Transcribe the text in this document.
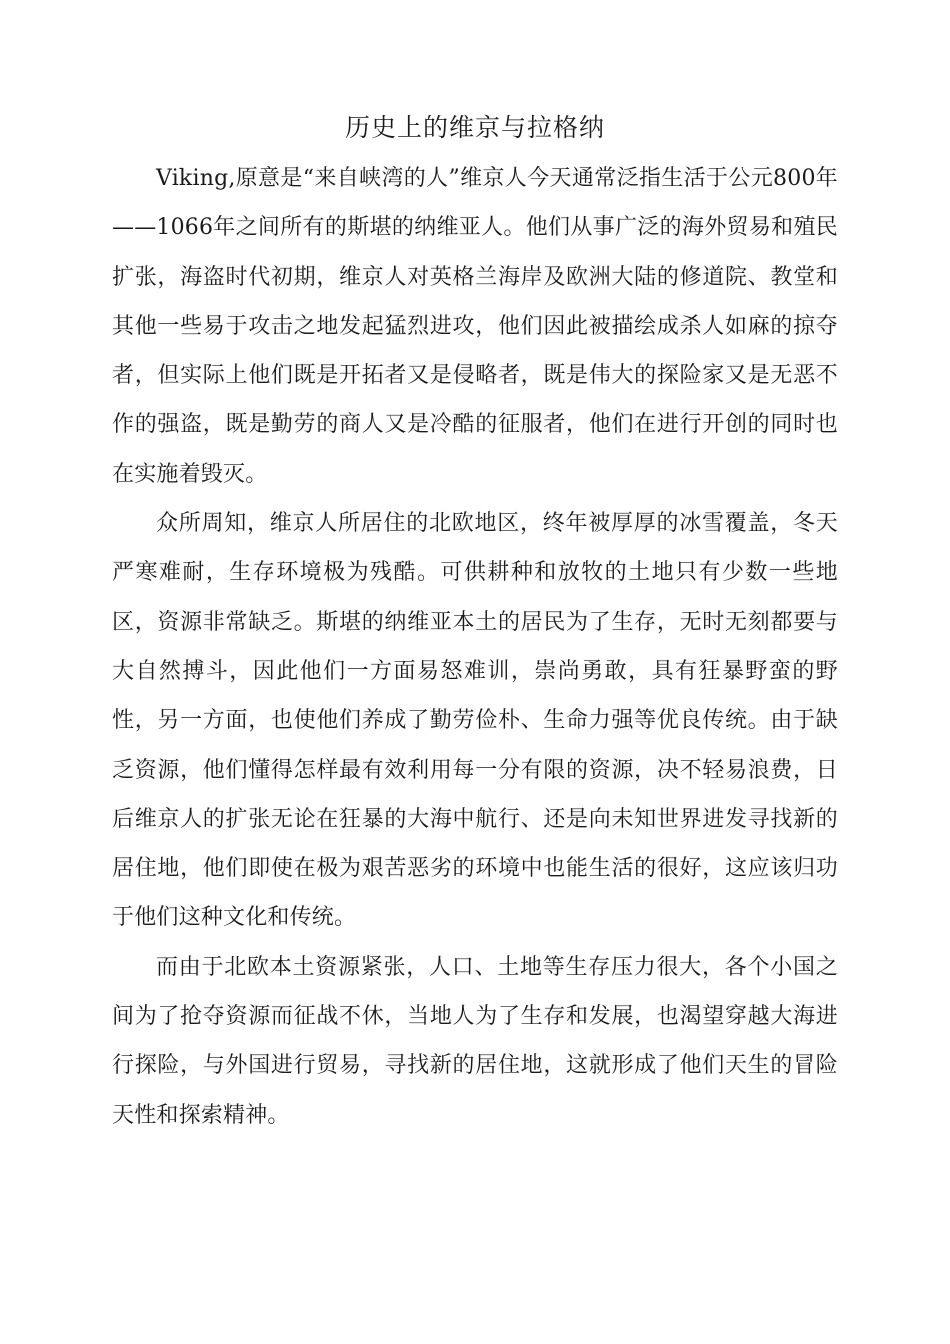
历史上的维京与拉格纳

Viking,原意是“来自峡湾的人”维京人今天通常泛指生活于公元800年——1066年之间所有的斯堪的纳维亚人。他们从事广泛的海外贸易和殖民扩张，海盗时代初期，维京人对英格兰海岸及欧洲大陆的修道院、教堂和其他一些易于攻击之地发起猛烈进攻，他们因此被描绘成杀人如麻的掠夺者，但实际上他们既是开拓者又是侵略者，既是伟大的探险家又是无恶不作的强盗，既是勤劳的商人又是冷酷的征服者，他们在进行开创的同时也在实施着毁灭。

众所周知，维京人所居住的北欧地区，终年被厚厚的冰雪覆盖，冬天严寒难耐，生存环境极为残酷。可供耕种和放牧的土地只有少数一些地区，资源非常缺乏。斯堪的纳维亚本土的居民为了生存，无时无刻都要与大自然搏斗，因此他们一方面易怒难训，崇尚勇敢，具有狂暴野蛮的野性，另一方面，也使他们养成了勤劳俭朴、生命力强等优良传统。由于缺乏资源，他们懂得怎样最有效利用每一分有限的资源，决不轻易浪费，日后维京人的扩张无论在狂暴的大海中航行、还是向未知世界进发寻找新的居住地，他们即使在极为艰苦恶劣的环境中也能生活的很好，这应该归功于他们这种文化和传统。

而由于北欧本土资源紧张，人口、土地等生存压力很大，各个小国之间为了抢夺资源而征战不休，当地人为了生存和发展，也渴望穿越大海进行探险，与外国进行贸易，寻找新的居住地，这就形成了他们天生的冒险天性和探索精神。
